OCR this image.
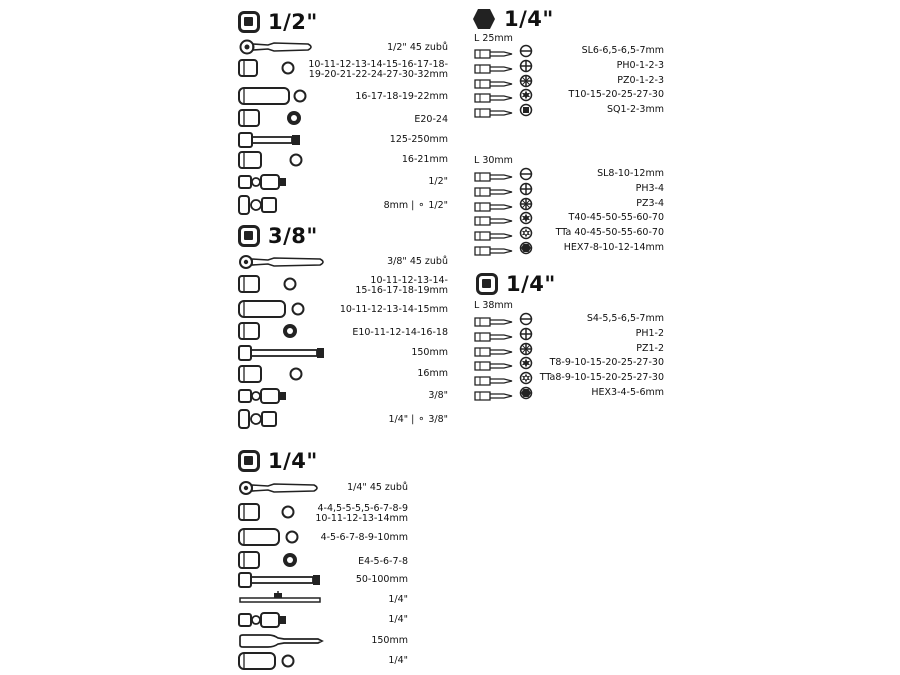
1/2"
1/2" 45 zubů
10-11-12-13-14-15-16-17-18-
19-20-21-22-24-27-30-32mm
16-17-18-19-22mm
E20-24
125-250mm
16-21mm
1/2"
8mm | ⚬ 1/2"
3/8"
3/8" 45 zubů
10-11-12-13-14-
15-16-17-18-19mm
10-11-12-13-14-15mm
E10-11-12-14-16-18
150mm
16mm
3/8"
1/4" | ⚬ 3/8"
1/4"
1/4" 45 zubů
4-4,5-5-5,5-6-7-8-9
10-11-12-13-14mm
4-5-6-7-8-9-10mm
E4-5-6-7-8
50-100mm
1/4"
1/4"
150mm
1/4"
1/4"
L 25mm
SL6-6,5-6,5-7mm
PH0-1-2-3
PZ0-1-2-3
T10-15-20-25-27-30
SQ1-2-3mm
L 30mm
SL8-10-12mm
PH3-4
PZ3-4
T40-45-50-55-60-70
TTa 40-45-50-55-60-70
HEX7-8-10-12-14mm
1/4"
L 38mm
S4-5,5-6,5-7mm
PH1-2
PZ1-2
T8-9-10-15-20-25-27-30
TTa8-9-10-15-20-25-27-30
HEX3-4-5-6mm
